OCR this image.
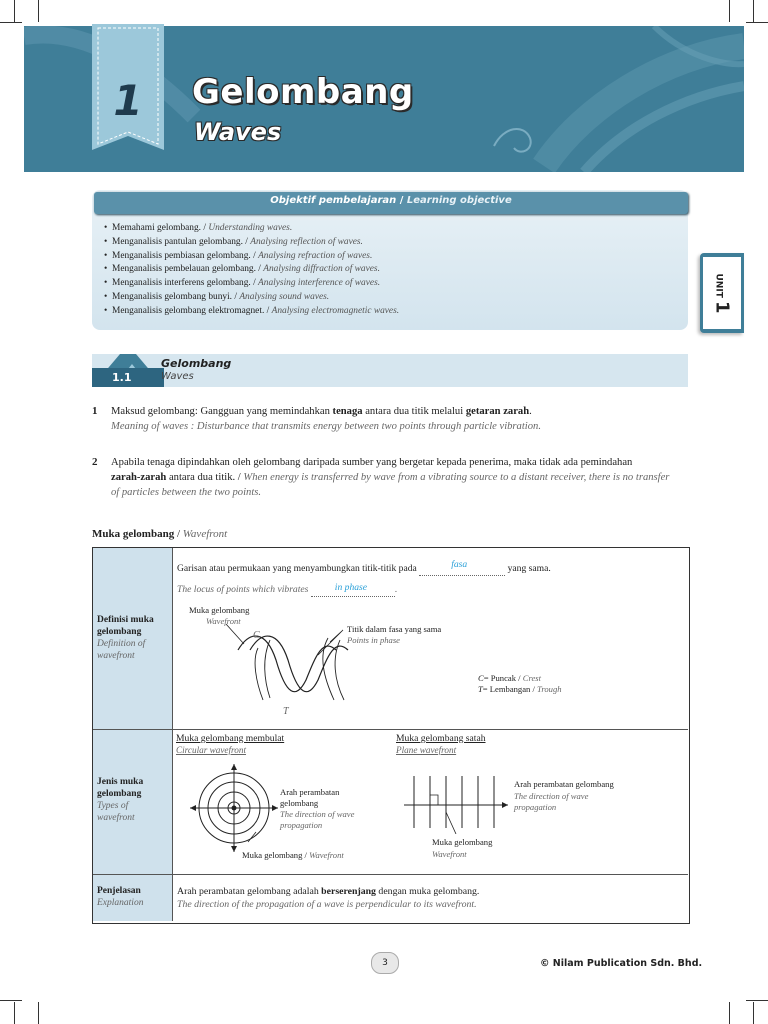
1	Gelombang
Waves
Objektif pembelajaran / Learning objective
•  Memahami gelombang. / Understanding waves.
•  Menganalisis pantulan gelombang. / Analysing reflection of waves.
•  Menganalisis pembiasan gelombang. / Analysing refraction of waves.
•  Menganalisis pembelauan gelombang. / Analysing diffraction of waves.
•  Menganalisis interferens gelombang. / Analysing interference of waves.
•  Menganalisis gelombang bunyi. / Analysing sound waves.
•  Menganalisis gelombang elektromagnet. / Analysing electromagnetic waves.
UNIT 1
1.1
Gelombang
Waves
1 Maksud gelombang: Gangguan yang memindahkan tenaga antara dua titik melalui getaran zarah.
Meaning of waves : Disturbance that transmits energy between two points through particle vibration.
2 Apabila tenaga dipindahkan oleh gelombang daripada sumber yang bergetar kepada penerima, maka tidak ada pemindahan
zarah-zarah antara dua titik. / When energy is transferred by wave from a vibrating source to a distant receiver, there is no transfer
of particles between the two points.
Muka gelombang / Wavefront
Definisi muka
gelombang
Definition of
wavefront
Garisan atau permukaan yang menyambungkan titik-titik pada	fasa	yang sama.
The locus of points which vibrates	in phase	.
Muka gelombang
Wavefront
C
T
Titik dalam fasa yang sama
Points in phase
C= Puncak / Crest
T= Lembangan / Trough
Jenis muka
gelombang
Types of
wavefront
Muka gelombang membulat
Circular wavefront
Muka gelombang satah
Plane wavefront
Arah perambatan
gelombang
The direction of wave
propagation
Muka gelombang / Wavefront
Arah perambatan gelombang
The direction of wave
propagation
Muka gelombang
Wavefront
Penjelasan
Explanation
Arah perambatan gelombang adalah berserenjang dengan muka gelombang.
The direction of the propagation of a wave is perpendicular to its wavefront.
3	© Nilam Publication Sdn. Bhd.
